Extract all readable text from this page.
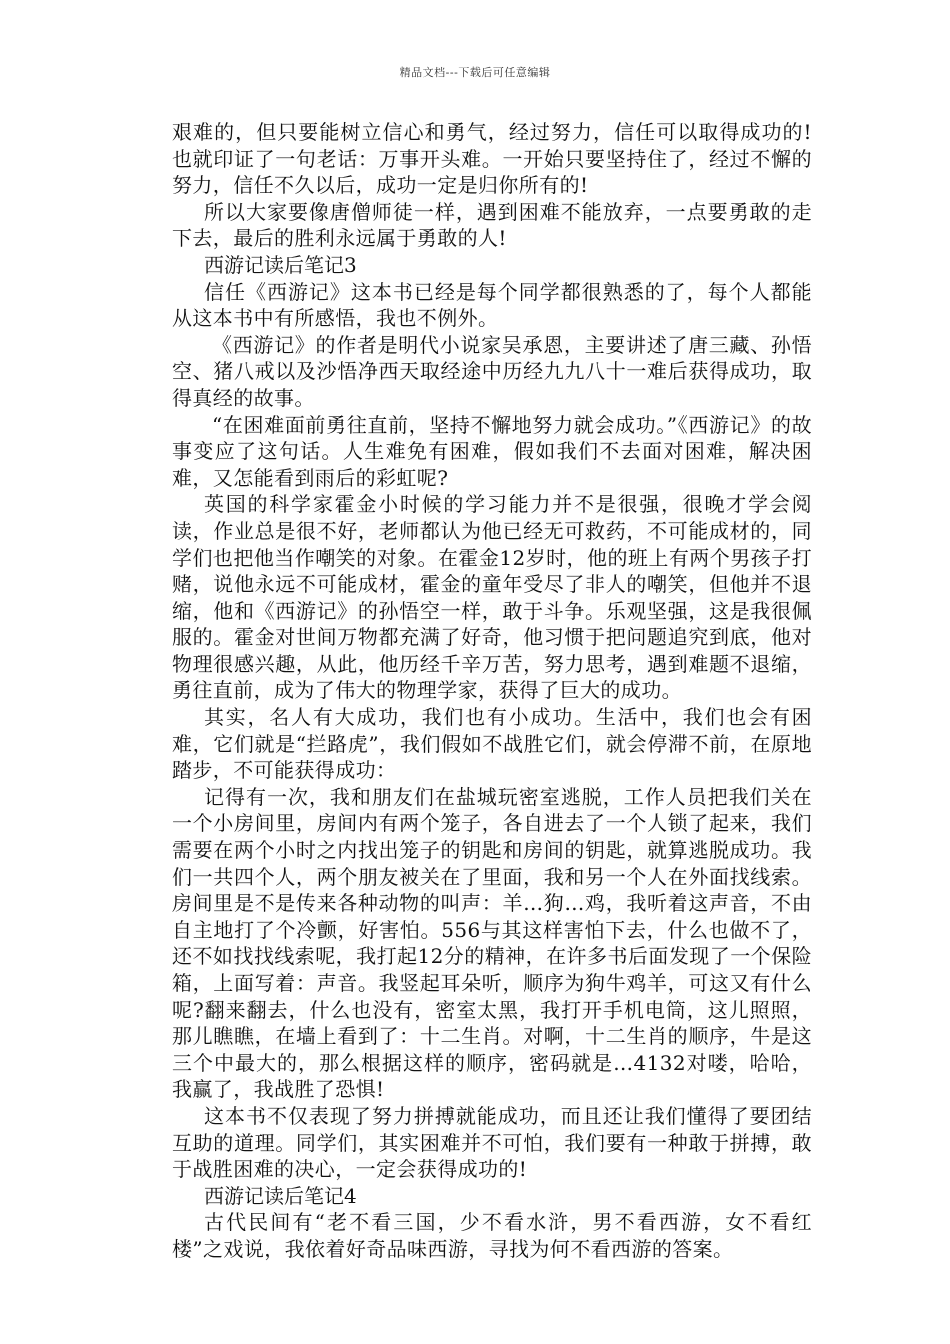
精品文档---下载后可任意编辑

艰难的，但只要能树立信心和勇气，经过努力，信任可以取得成功的!也就印证了一句老话：万事开头难。一开始只要坚持住了，经过不懈的努力，信任不久以后，成功一定是归你所有的!

所以大家要像唐僧师徒一样，遇到困难不能放弃，一点要勇敢的走下去，最后的胜利永远属于勇敢的人!

西游记读后笔记3

信任《西游记》这本书已经是每个同学都很熟悉的了，每个人都能从这本书中有所感悟，我也不例外。

《西游记》的作者是明代小说家吴承恩，主要讲述了唐三藏、孙悟空、猪八戒以及沙悟净西天取经途中历经九九八十一难后获得成功，取得真经的故事。

“在困难面前勇往直前，坚持不懈地努力就会成功。”《西游记》的故事变应了这句话。人生难免有困难，假如我们不去面对困难，解决困难，又怎能看到雨后的彩虹呢?

英国的科学家霍金小时候的学习能力并不是很强，很晚才学会阅读，作业总是很不好，老师都认为他已经无可救药，不可能成材的，同学们也把他当作嘲笑的对象。在霍金12岁时，他的班上有两个男孩子打赌，说他永远不可能成材，霍金的童年受尽了非人的嘲笑，但他并不退缩，他和《西游记》的孙悟空一样，敢于斗争。乐观坚强，这是我很佩服的。霍金对世间万物都充满了好奇，他习惯于把问题追究到底，他对物理很感兴趣，从此，他历经千辛万苦，努力思考，遇到难题不退缩，勇往直前，成为了伟大的物理学家，获得了巨大的成功。

其实，名人有大成功，我们也有小成功。生活中，我们也会有困难，它们就是“拦路虎”，我们假如不战胜它们，就会停滞不前，在原地踏步，不可能获得成功：

记得有一次，我和朋友们在盐城玩密室逃脱，工作人员把我们关在一个小房间里，房间内有两个笼子，各自进去了一个人锁了起来，我们需要在两个小时之内找出笼子的钥匙和房间的钥匙，就算逃脱成功。我们一共四个人，两个朋友被关在了里面，我和另一个人在外面找线索。房间里是不是传来各种动物的叫声：羊…狗…鸡，我听着这声音，不由自主地打了个冷颤，好害怕。556与其这样害怕下去，什么也做不了，还不如找找线索呢，我打起12分的精神，在许多书后面发现了一个保险箱，上面写着：声音。我竖起耳朵听，顺序为狗牛鸡羊，可这又有什么呢?翻来翻去，什么也没有，密室太黑，我打开手机电筒，这儿照照，那儿瞧瞧，在墙上看到了：十二生肖。对啊，十二生肖的顺序，牛是这三个中最大的，那么根据这样的顺序，密码就是…4132对喽，哈哈，我赢了，我战胜了恐惧!

这本书不仅表现了努力拼搏就能成功，而且还让我们懂得了要团结互助的道理。同学们，其实困难并不可怕，我们要有一种敢于拼搏，敢于战胜困难的决心，一定会获得成功的!

西游记读后笔记4

古代民间有“老不看三国，少不看水浒，男不看西游，女不看红楼”之戏说，我依着好奇品味西游，寻找为何不看西游的答案。
